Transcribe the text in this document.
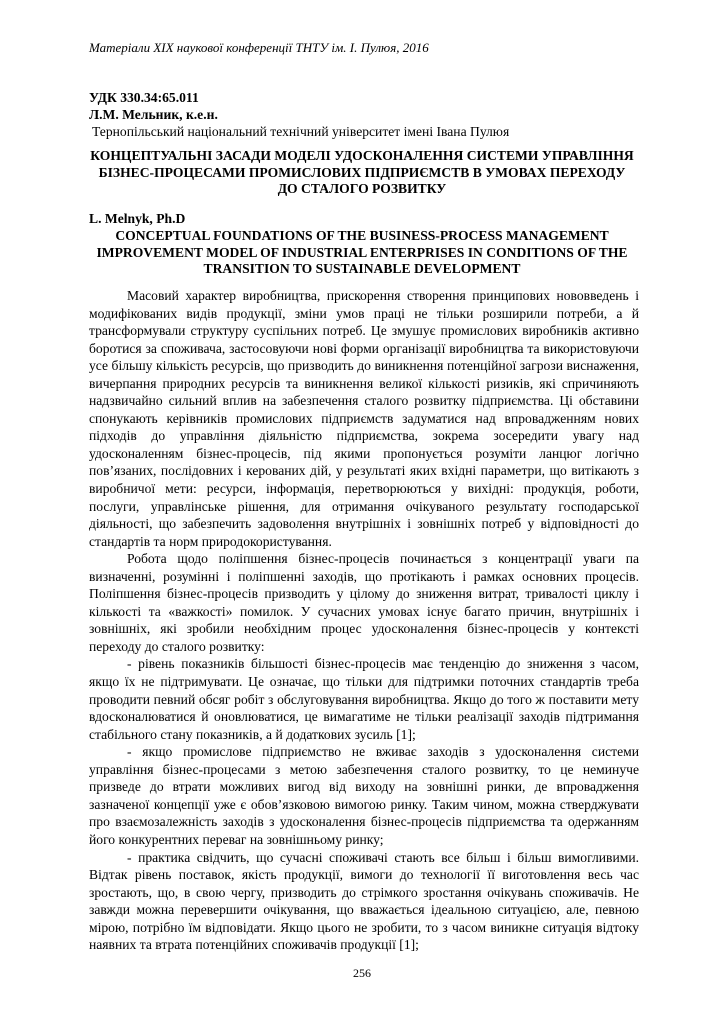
Матеріали ХІХ наукової конференції ТНТУ ім. І. Пулюя, 2016
УДК 330.34:65.011
Л.М. Мельник, к.е.н.
Тернопільський національний технічний університет імені Івана Пулюя
КОНЦЕПТУАЛЬНІ ЗАСАДИ МОДЕЛІ УДОСКОНАЛЕННЯ СИСТЕМИ УПРАВЛІННЯ БІЗНЕС-ПРОЦЕСАМИ ПРОМИСЛОВИХ ПІДПРИЄМСТВ В УМОВАХ ПЕРЕХОДУ ДО СТАЛОГО РОЗВИТКУ
L. Melnyk, Ph.D
CONCEPTUAL FOUNDATIONS OF THE BUSINESS-PROCESS MANAGEMENT IMPROVEMENT MODEL OF INDUSTRIAL ENTERPRISES IN CONDITIONS OF THE TRANSITION TO SUSTAINABLE DEVELOPMENT

Масовий характер виробництва, прискорення створення принципових нововведень і модифікованих видів продукції, зміни умов праці не тільки розширили потреби, а й трансформували структуру суспільних потреб. Це змушує промислових виробників активно боротися за споживача, застосовуючи нові форми організації виробництва та використовуючи усе більшу кількість ресурсів, що призводить до виникнення потенційної загрози виснаження, вичерпання природних ресурсів та виникнення великої кількості ризиків, які спричиняють надзвичайно сильний вплив на забезпечення сталого розвитку підприємства. Ці обставини спонукають керівників промислових підприємств задуматися над впровадженням нових підходів до управління діяльністю підприємства, зокрема зосередити увагу над удосконаленням бізнес-процесів, під якими пропонується розуміти ланцюг логічно пов’язаних, послідовних і керованих дій, у результаті яких вхідні параметри, що витікають з виробничої мети: ресурси, інформація, перетворюються у вихідні: продукція, роботи, послуги, управлінське рішення, для отримання очікуваного результату господарської діяльності, що забезпечить задоволення внутрішніх і зовнішніх потреб у відповідності до стандартів та норм природокористування.

Робота щодо поліпшення бізнес-процесів починається з концентрації уваги па визначенні, розумінні і поліпшенні заходів, що протікають і рамках основних процесів. Поліпшення бізнес-процесів призводить у цілому до зниження витрат, тривалості циклу і кількості та «важкості» помилок. У сучасних умовах існує багато причин, внутрішніх і зовнішніх, які зробили необхідним процес удосконалення бізнес-процесів у контексті переходу до сталого розвитку:

- рівень показників більшості бізнес-процесів має тенденцію до зниження з часом, якщо їх не підтримувати. Це означає, що тільки для підтримки поточних стандартів треба проводити певний обсяг робіт з обслуговування виробництва. Якщо до того ж поставити мету вдосконалюватися й оновлюватися, це вимагатиме не тільки реалізації заходів підтримання стабільного стану показників, а й додаткових зусиль [1];

- якщо промислове підприємство не вживає заходів з удосконалення системи управління бізнес-процесами з метою забезпечення сталого розвитку, то це неминуче призведе до втрати можливих вигод від виходу на зовнішні ринки, де впровадження зазначеної концепції уже є обов’язковою вимогою ринку. Таким чином, можна стверджувати про взаємозалежність заходів з удосконалення бізнес-процесів підприємства та одержанням його конкурентних переваг на зовнішньому ринку;

- практика свідчить, що сучасні споживачі стають все більш і більш вимогливими. Відтак рівень поставок, якість продукції, вимоги до технології її виготовлення весь час зростають, що, в свою чергу, призводить до стрімкого зростання очікувань споживачів. Не завжди можна перевершити очікування, що вважається ідеальною ситуацією, але, певною мірою, потрібно їм відповідати. Якщо цього не зробити, то з часом виникне ситуація відтоку наявних та втрата потенційних споживачів продукції [1];

256
